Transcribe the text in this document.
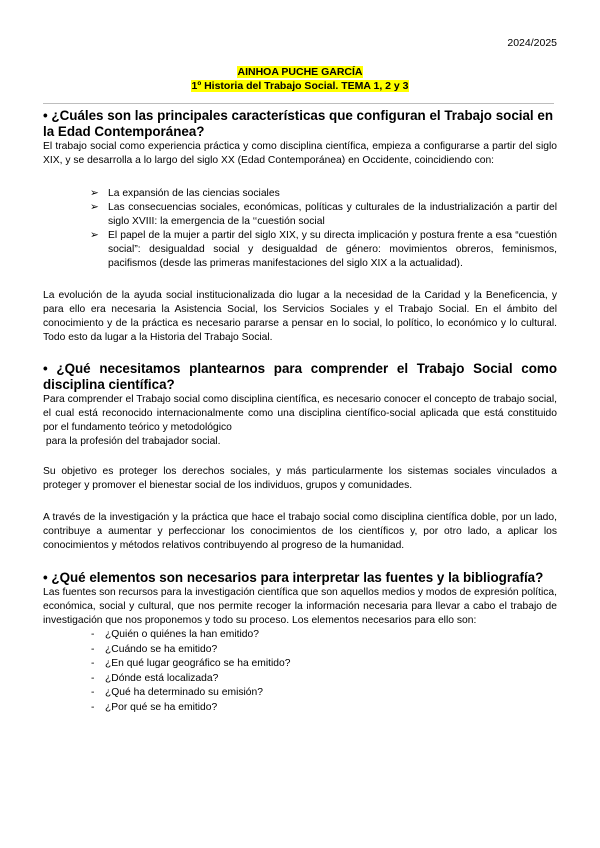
2024/2025
AINHOA PUCHE GARCÍA
1º Historia del Trabajo Social. TEMA 1, 2 y 3
• ¿Cuáles son las principales características que configuran el Trabajo social en la Edad Contemporánea?

El trabajo social como experiencia práctica y como disciplina científica, empieza a configurarse a partir del siglo XIX, y se desarrolla a lo largo del siglo XX (Edad Contemporánea) en Occidente, coincidiendo con:

➢ La expansión de las ciencias sociales
➢ Las consecuencias sociales, económicas, políticas y culturales de la industrialización a partir del siglo XVIII: la emergencia de la ‘‘cuestión social
➢ El papel de la mujer a partir del siglo XIX, y su directa implicación y postura frente a esa “cuestión social”: desigualdad social y desigualdad de género: movimientos obreros, feminismos, pacifismos (desde las primeras manifestaciones del siglo XIX a la actualidad).

La evolución de la ayuda social institucionalizada dio lugar a la necesidad de la Caridad y la Beneficencia, y para ello era necesaria la Asistencia Social, los Servicios Sociales y el Trabajo Social. En el ámbito del conocimiento y de la práctica es necesario pararse a pensar en lo social, lo político, lo económico y lo cultural. Todo esto da lugar a la Historia del Trabajo Social.

• ¿Qué necesitamos plantearnos para comprender el Trabajo Social como disciplina científica?

Para comprender el Trabajo social como disciplina científica, es necesario conocer el concepto de trabajo social, el cual está reconocido internacionalmente como una disciplina científico-social aplicada que está constituido por el fundamento teórico y metodológico

para la profesión del trabajador social.

Su objetivo es proteger los derechos sociales, y más particularmente los sistemas sociales vinculados a proteger y promover el bienestar social de los individuos, grupos y comunidades.

A través de la investigación y la práctica que hace el trabajo social como disciplina científica doble, por un lado, contribuye a aumentar y perfeccionar los conocimientos de los científicos y, por otro lado, a aplicar los conocimientos y métodos relativos contribuyendo al progreso de la humanidad.

• ¿Qué elementos son necesarios para interpretar las fuentes y la bibliografía?

Las fuentes son recursos para la investigación científica que son aquellos medios y modos de expresión política, económica, social y cultural, que nos permite recoger la información necesaria para llevar a cabo el trabajo de investigación que nos proponemos y todo su proceso. Los elementos necesarios para ello son:

- ¿Quién o quiénes la han emitido?
- ¿Cuándo se ha emitido?
- ¿En qué lugar geográfico se ha emitido?
- ¿Dónde está localizada?
- ¿Qué ha determinado su emisión?
- ¿Por qué se ha emitido?
